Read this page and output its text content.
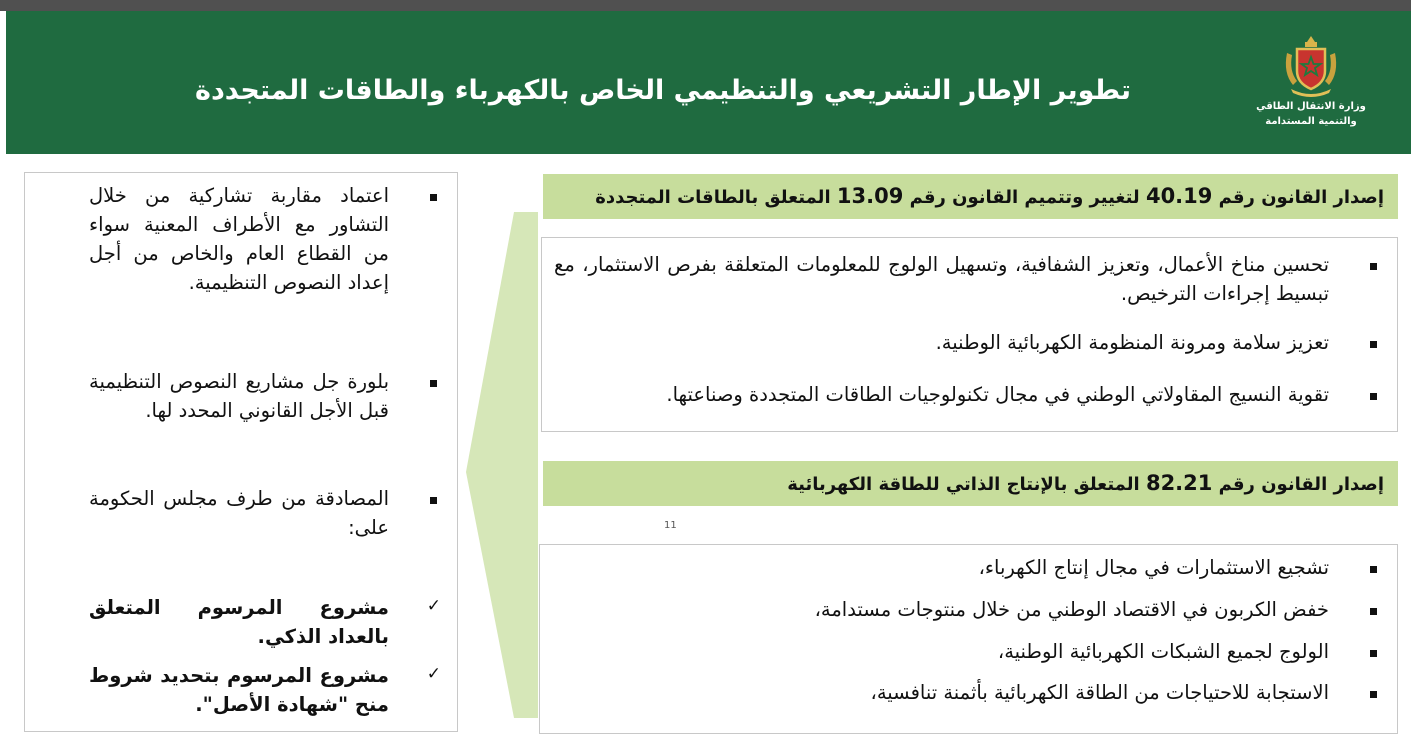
تطوير الإطار التشريعي والتنظيمي الخاص بالكهرباء والطاقات المتجددة
وزارة الانتقال الطاقي
والتنمية المستدامة
اعتماد مقاربة تشاركية من خلال التشاور مع الأطراف المعنية سواء من القطاع العام والخاص من أجل إعداد النصوص التنظيمية.
بلورة جل مشاريع النصوص التنظيمية قبل الأجل القانوني المحدد لها.
المصادقة من طرف مجلس الحكومة على:
مشروع المرسوم المتعلق بالعداد الذكي.
✓
مشروع المرسوم بتحديد شروط منح "شهادة الأصل".
✓
إصدار القانون رقم 40.19 لتغيير وتتميم القانون رقم 13.09 المتعلق بالطاقات المتجددة
تحسين مناخ الأعمال، وتعزيز الشفافية، وتسهيل الولوج للمعلومات المتعلقة بفرص الاستثمار، مع تبسيط إجراءات الترخيص.
تعزيز سلامة ومرونة المنظومة الكهربائية الوطنية.
تقوية النسيج المقاولاتي الوطني في مجال تكنولوجيات الطاقات المتجددة وصناعتها.
إصدار القانون رقم 82.21 المتعلق بالإنتاج الذاتي للطاقة الكهربائية
11
تشجيع الاستثمارات في مجال إنتاج الكهرباء،
خفض الكربون في الاقتصاد الوطني من خلال منتوجات مستدامة،
الولوج لجميع الشبكات الكهربائية الوطنية،
الاستجابة للاحتياجات من الطاقة الكهربائية بأثمنة تنافسية،
